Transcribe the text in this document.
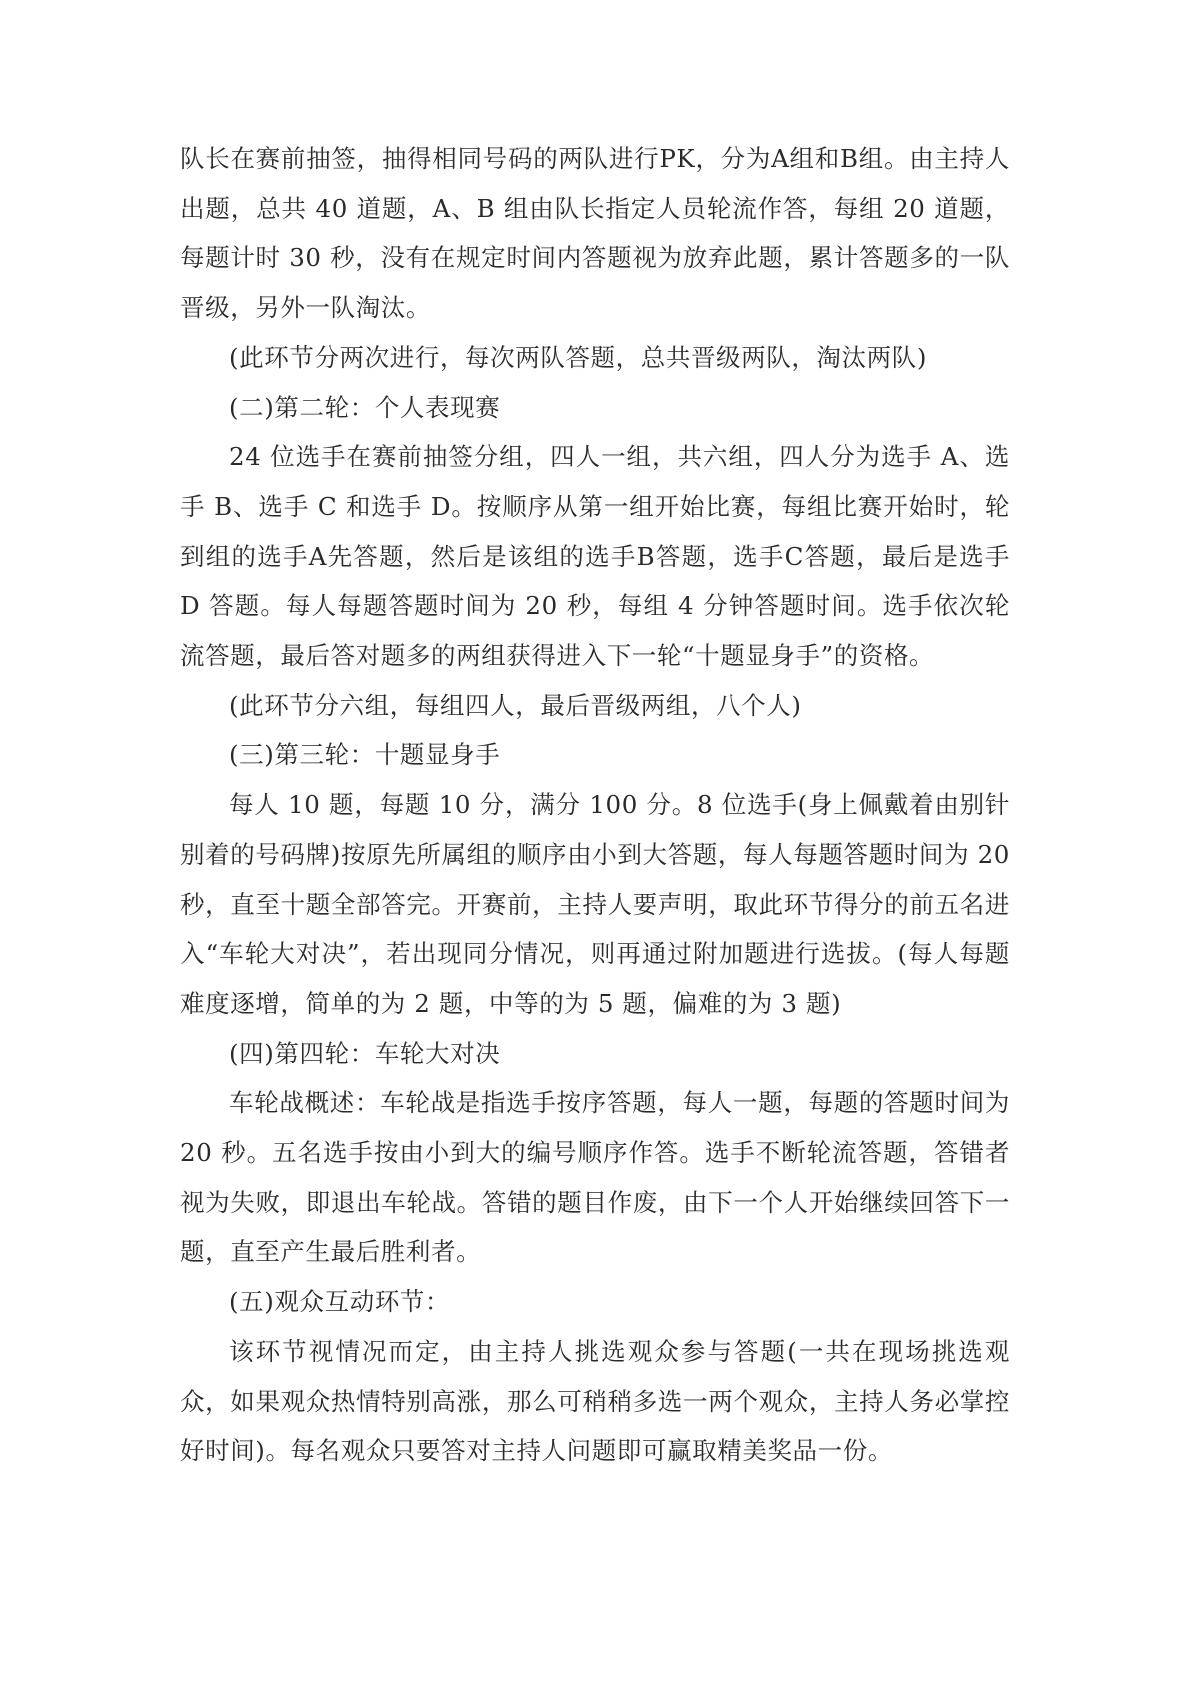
队长在赛前抽签，抽得相同号码的两队进行PK，分为A组和B组。由主持人出题，总共 40 道题，A、B 组由队长指定人员轮流作答，每组 20 道题，每题计时 30 秒，没有在规定时间内答题视为放弃此题，累计答题多的一队晋级，另外一队淘汰。

(此环节分两次进行，每次两队答题，总共晋级两队，淘汰两队)

(二)第二轮：个人表现赛

24 位选手在赛前抽签分组，四人一组，共六组，四人分为选手 A、选手 B、选手 C 和选手 D。按顺序从第一组开始比赛，每组比赛开始时，轮到组的选手A先答题，然后是该组的选手B答题，选手C答题，最后是选手 D 答题。每人每题答题时间为 20 秒，每组 4 分钟答题时间。选手依次轮流答题，最后答对题多的两组获得进入下一轮“十题显身手”的资格。

(此环节分六组，每组四人，最后晋级两组，八个人)

(三)第三轮：十题显身手

每人 10 题，每题 10 分，满分 100 分。8 位选手(身上佩戴着由别针别着的号码牌)按原先所属组的顺序由小到大答题，每人每题答题时间为 20 秒，直至十题全部答完。开赛前，主持人要声明，取此环节得分的前五名进入“车轮大对决”，若出现同分情况，则再通过附加题进行选拔。(每人每题难度逐增，简单的为 2 题，中等的为 5 题，偏难的为 3 题)

(四)第四轮：车轮大对决

车轮战概述：车轮战是指选手按序答题，每人一题，每题的答题时间为 20 秒。五名选手按由小到大的编号顺序作答。选手不断轮流答题，答错者视为失败，即退出车轮战。答错的题目作废，由下一个人开始继续回答下一题，直至产生最后胜利者。

(五)观众互动环节：

该环节视情况而定，由主持人挑选观众参与答题(一共在现场挑选观众，如果观众热情特别高涨，那么可稍稍多选一两个观众，主持人务必掌控好时间)。每名观众只要答对主持人问题即可赢取精美奖品一份。
